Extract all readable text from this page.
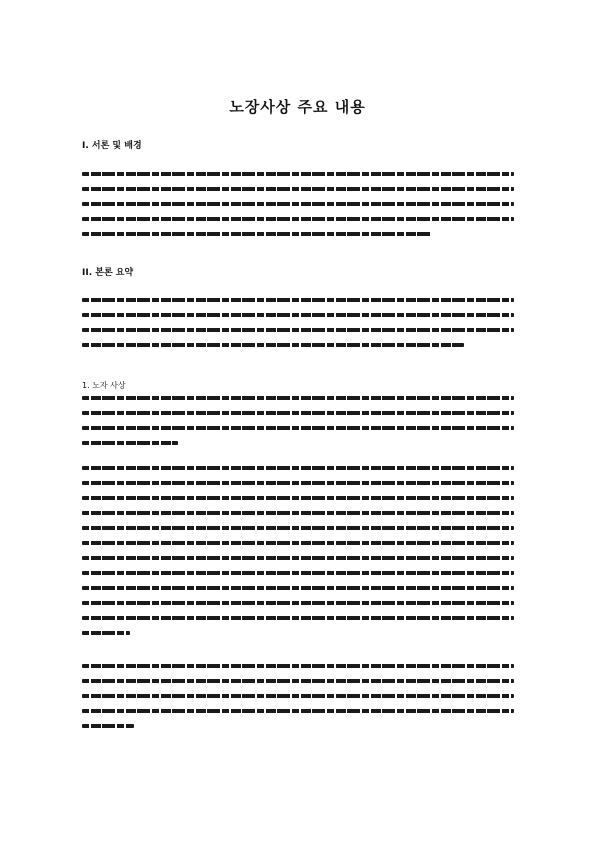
노장사상 주요 내용
I. 서론 및 배경
II. 본론 요약
1. 노자 사상
